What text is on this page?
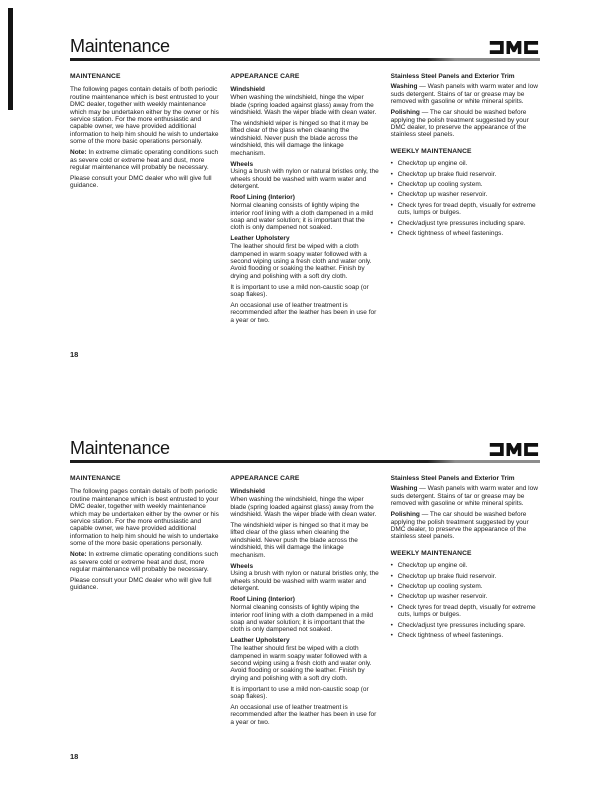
Maintenance
MAINTENANCE

The following pages contain details of both periodic routine maintenance which is best entrusted to your DMC dealer, together with weekly maintenance which may be undertaken either by the owner or his service station. For the more enthusiastic and capable owner, we have provided additional information to help him should he wish to undertake some of the more basic operations personally.

Note: In extreme climatic operating conditions such as severe cold or extreme heat and dust, more regular maintenance will probably be necessary.

Please consult your DMC dealer who will give full guidance.

APPEARANCE CARE
Windshield

When washing the windshield, hinge the wiper blade (spring loaded against glass) away from the windshield. Wash the wiper blade with clean water.

The windshield wiper is hinged so that it may be lifted clear of the glass when cleaning the windshield. Never push the blade across the windshield, this will damage the linkage mechanism.

Wheels

Using a brush with nylon or natural bristles only, the wheels should be washed with warm water and detergent.

Roof Lining (Interior)

Normal cleaning consists of lightly wiping the interior roof lining with a cloth dampened in a mild soap and water solution; it is important that the cloth is only dampened not soaked.

Leather Upholstery

The leather should first be wiped with a cloth dampened in warm soapy water followed with a second wiping using a fresh cloth and water only. Avoid flooding or soaking the leather. Finish by drying and polishing with a soft dry cloth.

It is important to use a mild non-caustic soap (or soap flakes).

An occasional use of leather treatment is recommended after the leather has been in use for a year or two.

Stainless Steel Panels and Exterior Trim

Washing — Wash panels with warm water and low suds detergent. Stains of tar or grease may be removed with gasoline or white mineral spirits.

Polishing — The car should be washed before applying the polish treatment suggested by your DMC dealer, to preserve the appearance of the stainless steel panels.

WEEKLY MAINTENANCE
• Check/top up engine oil.
• Check/top up brake fluid reservoir.
• Check/top up cooling system.
• Check/top up washer reservoir.
• Check tyres for tread depth, visually for extreme cuts, lumps or bulges.
• Check/adjust tyre pressures including spare.
• Check tightness of wheel fastenings.
18
Maintenance
MAINTENANCE

The following pages contain details of both periodic routine maintenance which is best entrusted to your DMC dealer, together with weekly maintenance which may be undertaken either by the owner or his service station. For the more enthusiastic and capable owner, we have provided additional information to help him should he wish to undertake some of the more basic operations personally.

Note: In extreme climatic operating conditions such as severe cold or extreme heat and dust, more regular maintenance will probably be necessary.

Please consult your DMC dealer who will give full guidance.

APPEARANCE CARE
Windshield

When washing the windshield, hinge the wiper blade (spring loaded against glass) away from the windshield. Wash the wiper blade with clean water.

The windshield wiper is hinged so that it may be lifted clear of the glass when cleaning the windshield. Never push the blade across the windshield, this will damage the linkage mechanism.

Wheels

Using a brush with nylon or natural bristles only, the wheels should be washed with warm water and detergent.

Roof Lining (Interior)

Normal cleaning consists of lightly wiping the interior roof lining with a cloth dampened in a mild soap and water solution; it is important that the cloth is only dampened not soaked.

Leather Upholstery

The leather should first be wiped with a cloth dampened in warm soapy water followed with a second wiping using a fresh cloth and water only. Avoid flooding or soaking the leather. Finish by drying and polishing with a soft dry cloth.

It is important to use a mild non-caustic soap (or soap flakes).

An occasional use of leather treatment is recommended after the leather has been in use for a year or two.

Stainless Steel Panels and Exterior Trim

Washing — Wash panels with warm water and low suds detergent. Stains of tar or grease may be removed with gasoline or white mineral spirits.

Polishing — The car should be washed before applying the polish treatment suggested by your DMC dealer, to preserve the appearance of the stainless steel panels.

WEEKLY MAINTENANCE
• Check/top up engine oil.
• Check/top up brake fluid reservoir.
• Check/top up cooling system.
• Check/top up washer reservoir.
• Check tyres for tread depth, visually for extreme cuts, lumps or bulges.
• Check/adjust tyre pressures including spare.
• Check tightness of wheel fastenings.
18
